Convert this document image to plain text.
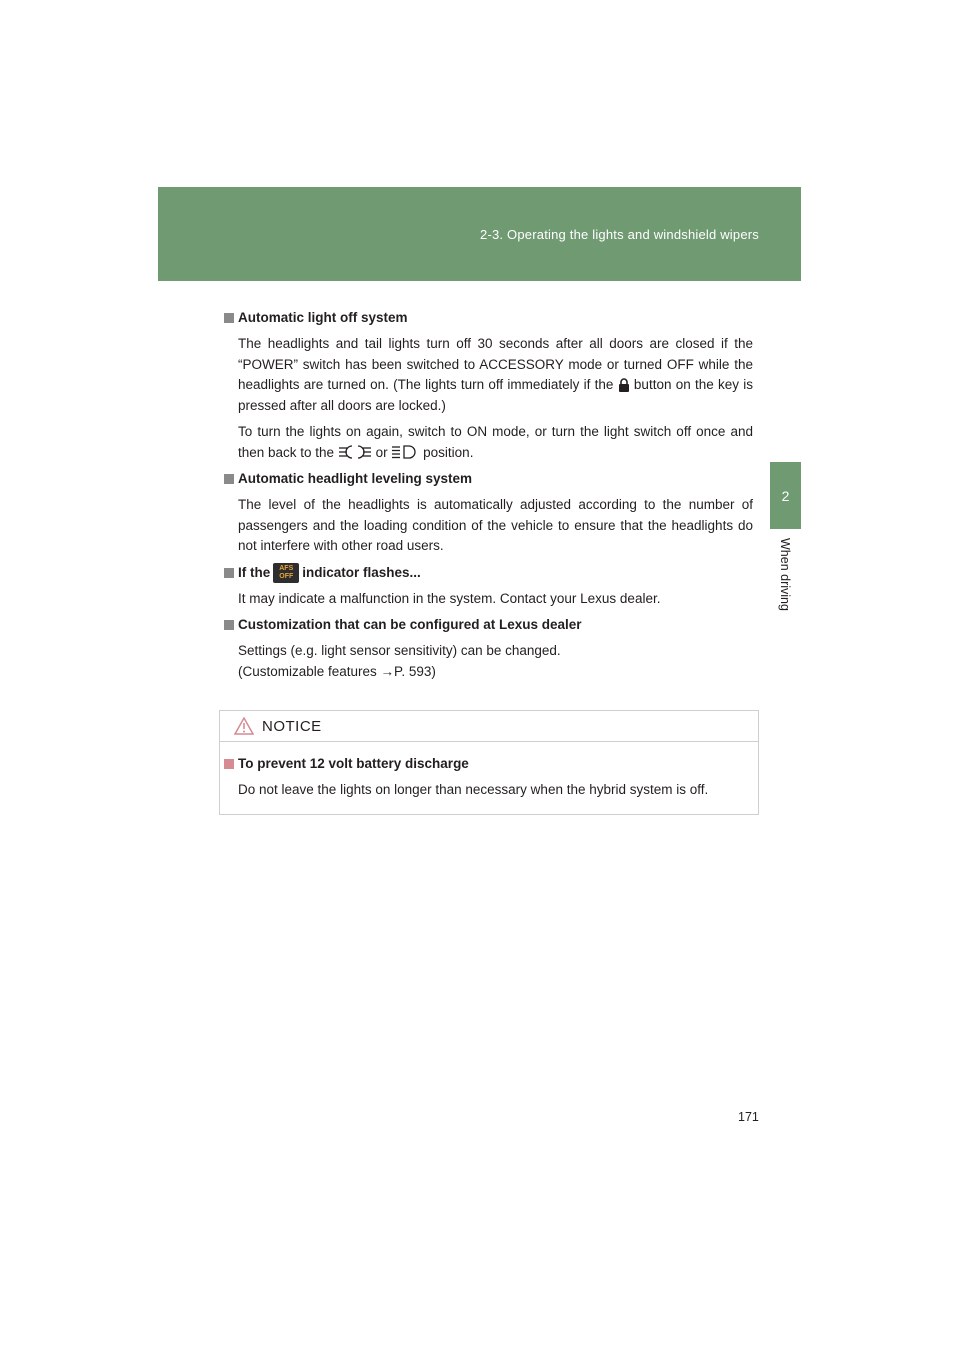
2-3. Operating the lights and windshield wipers
2
When driving
Automatic light off system

The headlights and tail lights turn off 30 seconds after all doors are closed if the “POWER” switch has been switched to ACCESSORY mode or turned OFF while the headlights are turned on. (The lights turn off immediately if the button on the key is pressed after all doors are locked.)

To turn the lights on again, switch to ON mode, or turn the light switch off once and then back to the	or	position.

Automatic headlight leveling system

The level of the headlights is automatically adjusted according to the number of passengers and the loading condition of the vehicle to ensure that the headlights do not interfere with other road users.

If the	AFS
OFF indicator flashes...

It may indicate a malfunction in the system. Contact your Lexus dealer.

Customization that can be configured at Lexus dealer

Settings (e.g. light sensor sensitivity) can be changed.

(Customizable features →P. 593)

NOTICE
To prevent 12 volt battery discharge

Do not leave the lights on longer than necessary when the hybrid system is off.

171
